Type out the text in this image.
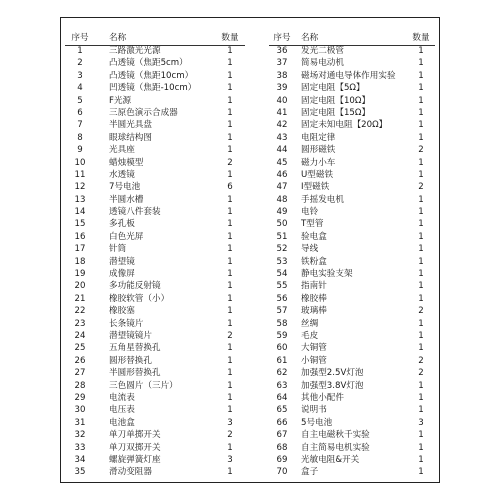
序号	名称	数量
1	三路激光光源	1
2	凸透镜（焦距5cm）	1
3	凸透镜（焦距10cm）	1
4	凹透镜（焦距-10cm）	1
5	F光源	1
6	三原色演示合成器	1
7	半圆光具盘	1
8	眼球结构图	1
9	光具座	1
10	蜡烛模型	2
11	水透镜	1
12	7号电池	6
13	半圆水槽	1
14	透镜八件套装	1
15	多孔板	1
16	白色光屏	1
17	针筒	1
18	潜望镜	1
19	成像屏	1
20	多功能反射镜	1
21	橡胶软管（小）	1
22	橡胶塞	1
23	长条镜片	1
24	潜望镜镜片	2
25	五角星替换孔	1
26	圆形替换孔	1
27	半圆形替换孔	1
28	三色圆片（三片）	1
29	电流表	1
30	电压表	1
31	电池盒	3
32	单刀单掷开关	2
33	单刀双掷开关	1
34	螺旋弹簧灯座	3
35	滑动变阻器	1
序号	名称	数量
36	发光二极管	1
37	简易电动机	1
38	磁场对通电导体作用实验	1
39	固定电阻【5Ω】	1
40	固定电阻【10Ω】	1
41	固定电阻【15Ω】	1
42	固定未知电阻【20Ω】	1
43	电阻定律	1
44	圆形磁铁	2
45	磁力小车	1
46	U型磁铁	1
47	I型磁铁	2
48	手摇发电机	1
49	电铃	1
50	T型管	1
51	验电盒	1
52	导线	1
53	铁粉盒	1
54	静电实验支架	1
55	指南针	1
56	橡胶棒	1
57	玻璃棒	2
58	丝绸	1
59	毛皮	1
60	大铜管	1
61	小铜管	2
62	加强型2.5V灯泡	2
63	加强型3.8V灯泡	1
64	其他小配件	1
65	说明书	1
66	5号电池	3
67	自主电磁秋千实验	1
68	自主简易电机实验	1
69	光敏电阻&开关	1
70	盒子	1
